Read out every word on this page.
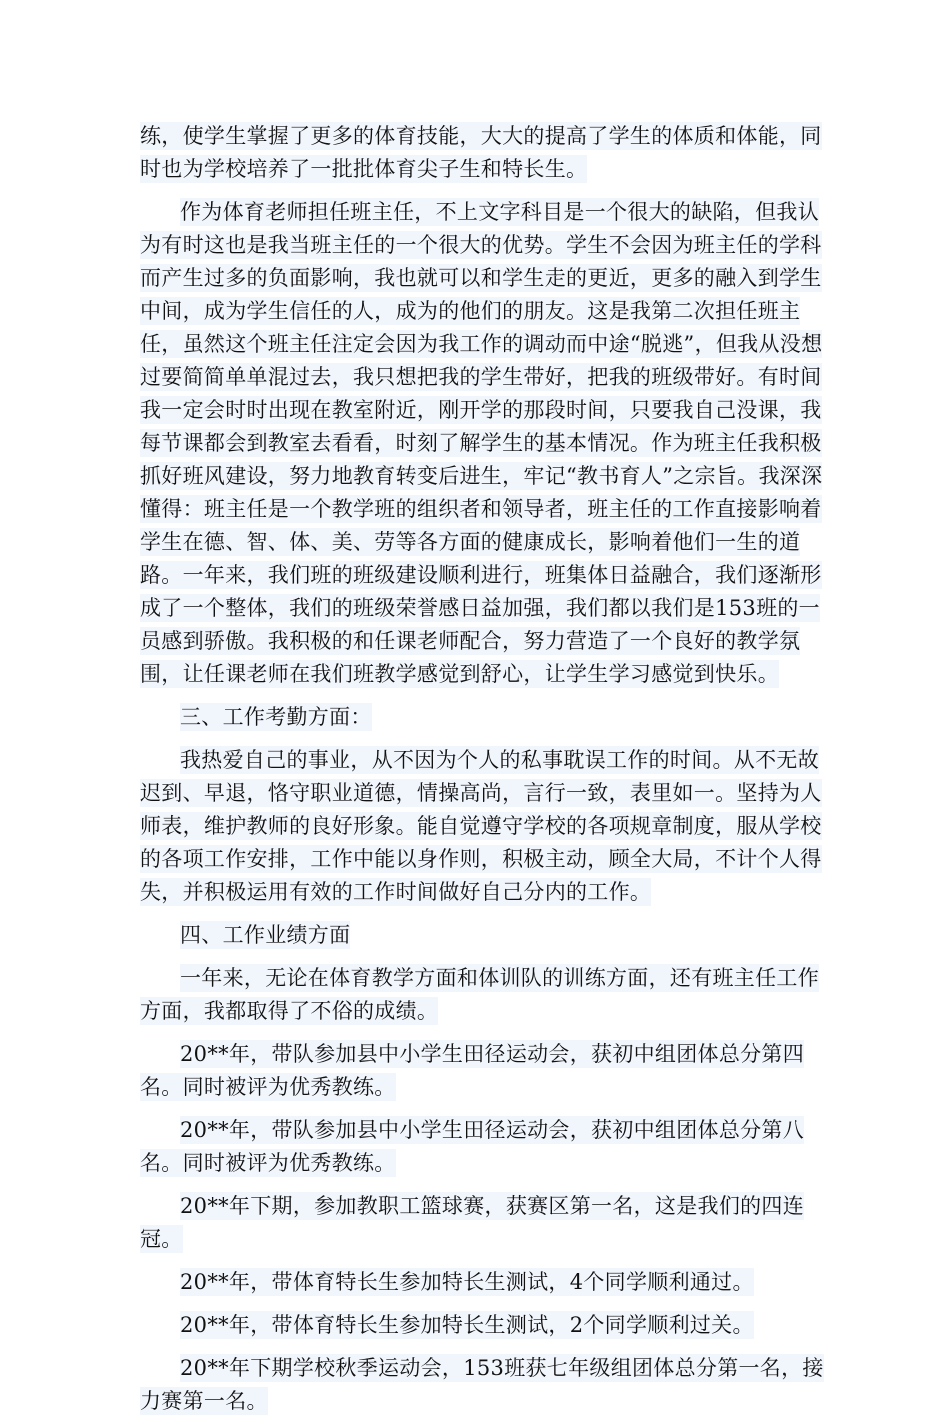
练，使学生掌握了更多的体育技能，大大的提高了学生的体质和体能，同时也为学校培养了一批批体育尖子生和特长生。

作为体育老师担任班主任，不上文字科目是一个很大的缺陷，但我认为有时这也是我当班主任的一个很大的优势。学生不会因为班主任的学科而产生过多的负面影响，我也就可以和学生走的更近，更多的融入到学生中间，成为学生信任的人，成为的他们的朋友。这是我第二次担任班主任，虽然这个班主任注定会因为我工作的调动而中途“脱逃”，但我从没想过要简简单单混过去，我只想把我的学生带好，把我的班级带好。有时间我一定会时时出现在教室附近，刚开学的那段时间，只要我自己没课，我每节课都会到教室去看看，时刻了解学生的基本情况。作为班主任我积极抓好班风建设，努力地教育转变后进生，牢记“教书育人”之宗旨。我深深懂得：班主任是一个教学班的组织者和领导者，班主任的工作直接影响着学生在德、智、体、美、劳等各方面的健康成长，影响着他们一生的道路。一年来，我们班的班级建设顺利进行，班集体日益融合，我们逐渐形成了一个整体，我们的班级荣誉感日益加强，我们都以我们是153班的一员感到骄傲。我积极的和任课老师配合，努力营造了一个良好的教学氛围，让任课老师在我们班教学感觉到舒心，让学生学习感觉到快乐。

三、工作考勤方面：

我热爱自己的事业，从不因为个人的私事耽误工作的时间。从不无故迟到、早退，恪守职业道德，情操高尚，言行一致，表里如一。坚持为人师表，维护教师的良好形象。能自觉遵守学校的各项规章制度，服从学校的各项工作安排，工作中能以身作则，积极主动，顾全大局，不计个人得失，并积极运用有效的工作时间做好自己分内的工作。

四、工作业绩方面

一年来，无论在体育教学方面和体训队的训练方面，还有班主任工作方面，我都取得了不俗的成绩。

20**年，带队参加县中小学生田径运动会，获初中组团体总分第四名。同时被评为优秀教练。

20**年，带队参加县中小学生田径运动会，获初中组团体总分第八名。同时被评为优秀教练。

20**年下期，参加教职工篮球赛，获赛区第一名，这是我们的四连冠。

20**年，带体育特长生参加特长生测试，4个同学顺利通过。

20**年，带体育特长生参加特长生测试，2个同学顺利过关。

20**年下期学校秋季运动会，153班获七年级组团体总分第一名，接力赛第一名。
